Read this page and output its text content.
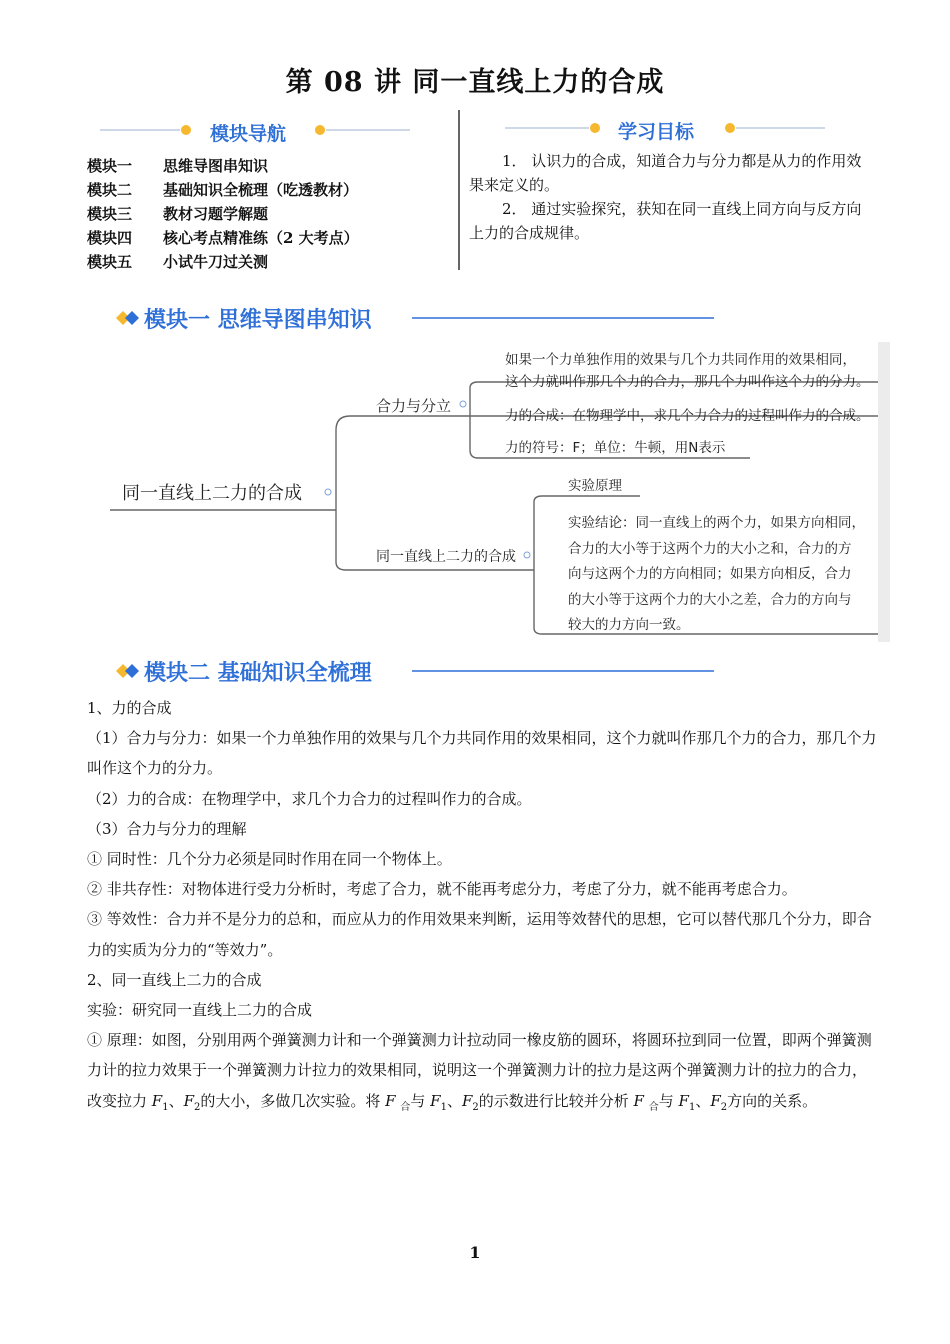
第 08 讲 同一直线上力的合成
模块导航	学习目标
模块一 思维导图串知识
模块二 基础知识全梳理（吃透教材）
模块三 教材习题学解题
模块四 核心考点精准练（2 大考点）
模块五 小试牛刀过关测

1． 认识力的合成，知道合力与分力都是从力的作用效果来定义的。

2． 通过实验探究，获知在同一直线上同方向与反方向上力的合成规律。

模块一 思维导图串知识
同一直线上二力的合成
合力与分立
同一直线上二力的合成
如果一个力单独作用的效果与几个力共同作用的效果相同，
这个力就叫作那几个力的合力，那几个力叫作这个力的分力。
力的合成：在物理学中，求几个力合力的过程叫作力的合成。
力的符号：F；单位：牛顿，用N表示
实验原理
实验结论：同一直线上的两个力，如果方向相同，
合力的大小等于这两个力的大小之和，合力的方
向与这两个力的方向相同；如果方向相反，合力
的大小等于这两个力的大小之差，合力的方向与
较大的力方向一致。
模块二 基础知识全梳理

1、力的合成

（1）合力与分力：如果一个力单独作用的效果与几个力共同作用的效果相同，这个力就叫作那几个力的合力，那几个力叫作这个力的分力。

（2）力的合成：在物理学中，求几个力合力的过程叫作力的合成。

（3）合力与分力的理解

① 同时性：几个分力必须是同时作用在同一个物体上。

② 非共存性：对物体进行受力分析时，考虑了合力，就不能再考虑分力，考虑了分力，就不能再考虑合力。

③ 等效性：合力并不是分力的总和，而应从力的作用效果来判断，运用等效替代的思想，它可以替代那几个分力，即合力的实质为分力的“等效力”。

2、同一直线上二力的合成

实验：研究同一直线上二力的合成

① 原理：如图，分别用两个弹簧测力计和一个弹簧测力计拉动同一橡皮筋的圆环，将圆环拉到同一位置，即两个弹簧测力计的拉力效果于一个弹簧测力计拉力的效果相同，说明这一个弹簧测力计的拉力是这两个弹簧测力计的拉力的合力，改变拉力 $F_1$、$F_2$的大小，多做几次实验。将 F $_合$与 $F_1$、$F_2$的示数进行比较并分析 F $_合$与 $F_1$、$F_2$方向的关系。

1
